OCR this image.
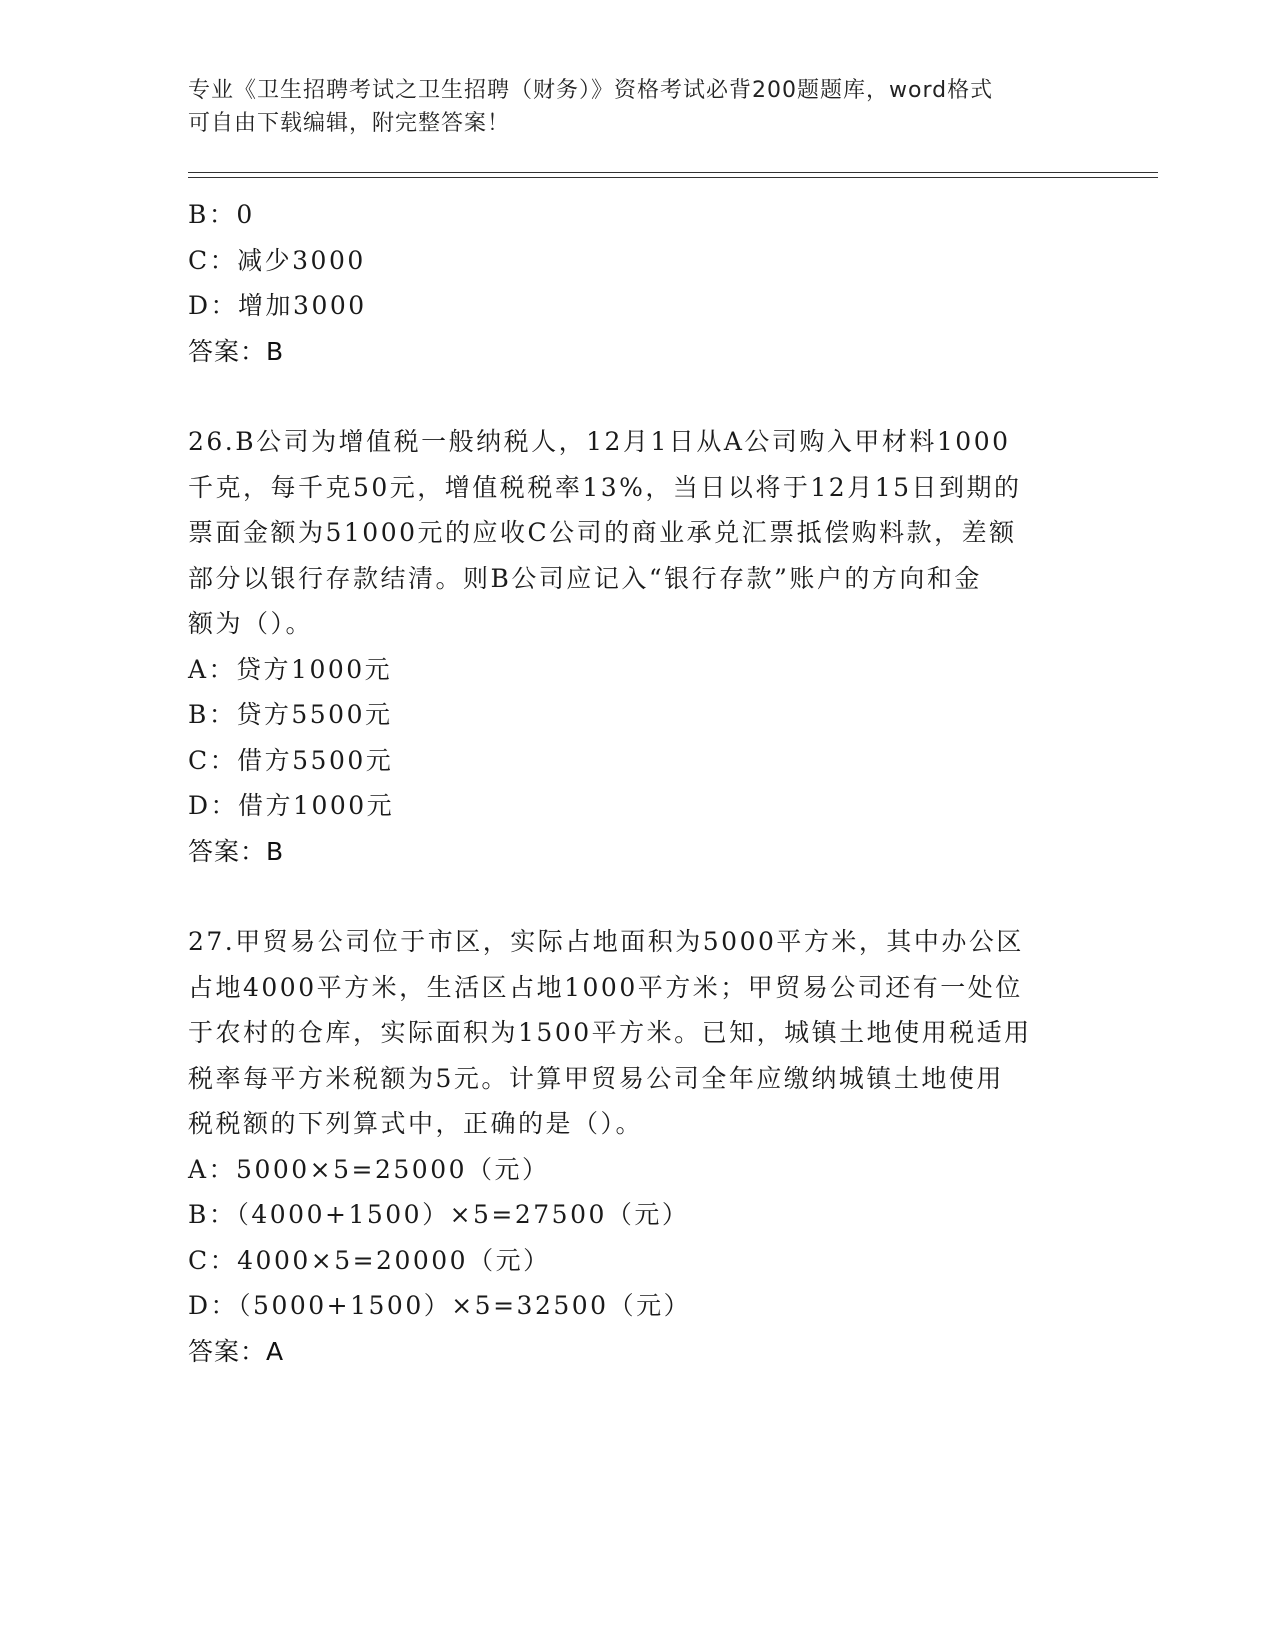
专业《卫生招聘考试之卫生招聘（财务）》资格考试必背200题题库，word格式
可自由下载编辑，附完整答案！
B：0
C：减少3000
D：增加3000
答案：B
26.B公司为增值税一般纳税人，12月1日从A公司购入甲材料1000
千克，每千克50元，增值税税率13%，当日以将于12月15日到期的
票面金额为51000元的应收C公司的商业承兑汇票抵偿购料款，差额
部分以银行存款结清。则B公司应记入“银行存款”账户的方向和金
额为（）。
A：贷方1000元
B：贷方5500元
C：借方5500元
D：借方1000元
答案：B
27.甲贸易公司位于市区，实际占地面积为5000平方米，其中办公区
占地4000平方米，生活区占地1000平方米；甲贸易公司还有一处位
于农村的仓库，实际面积为1500平方米。已知，城镇土地使用税适用
税率每平方米税额为5元。计算甲贸易公司全年应缴纳城镇土地使用
税税额的下列算式中，正确的是（）。
A：5000×5=25000（元）
B：（4000+1500）×5=27500（元）
C：4000×5=20000（元）
D：（5000+1500）×5=32500（元）
答案：A
